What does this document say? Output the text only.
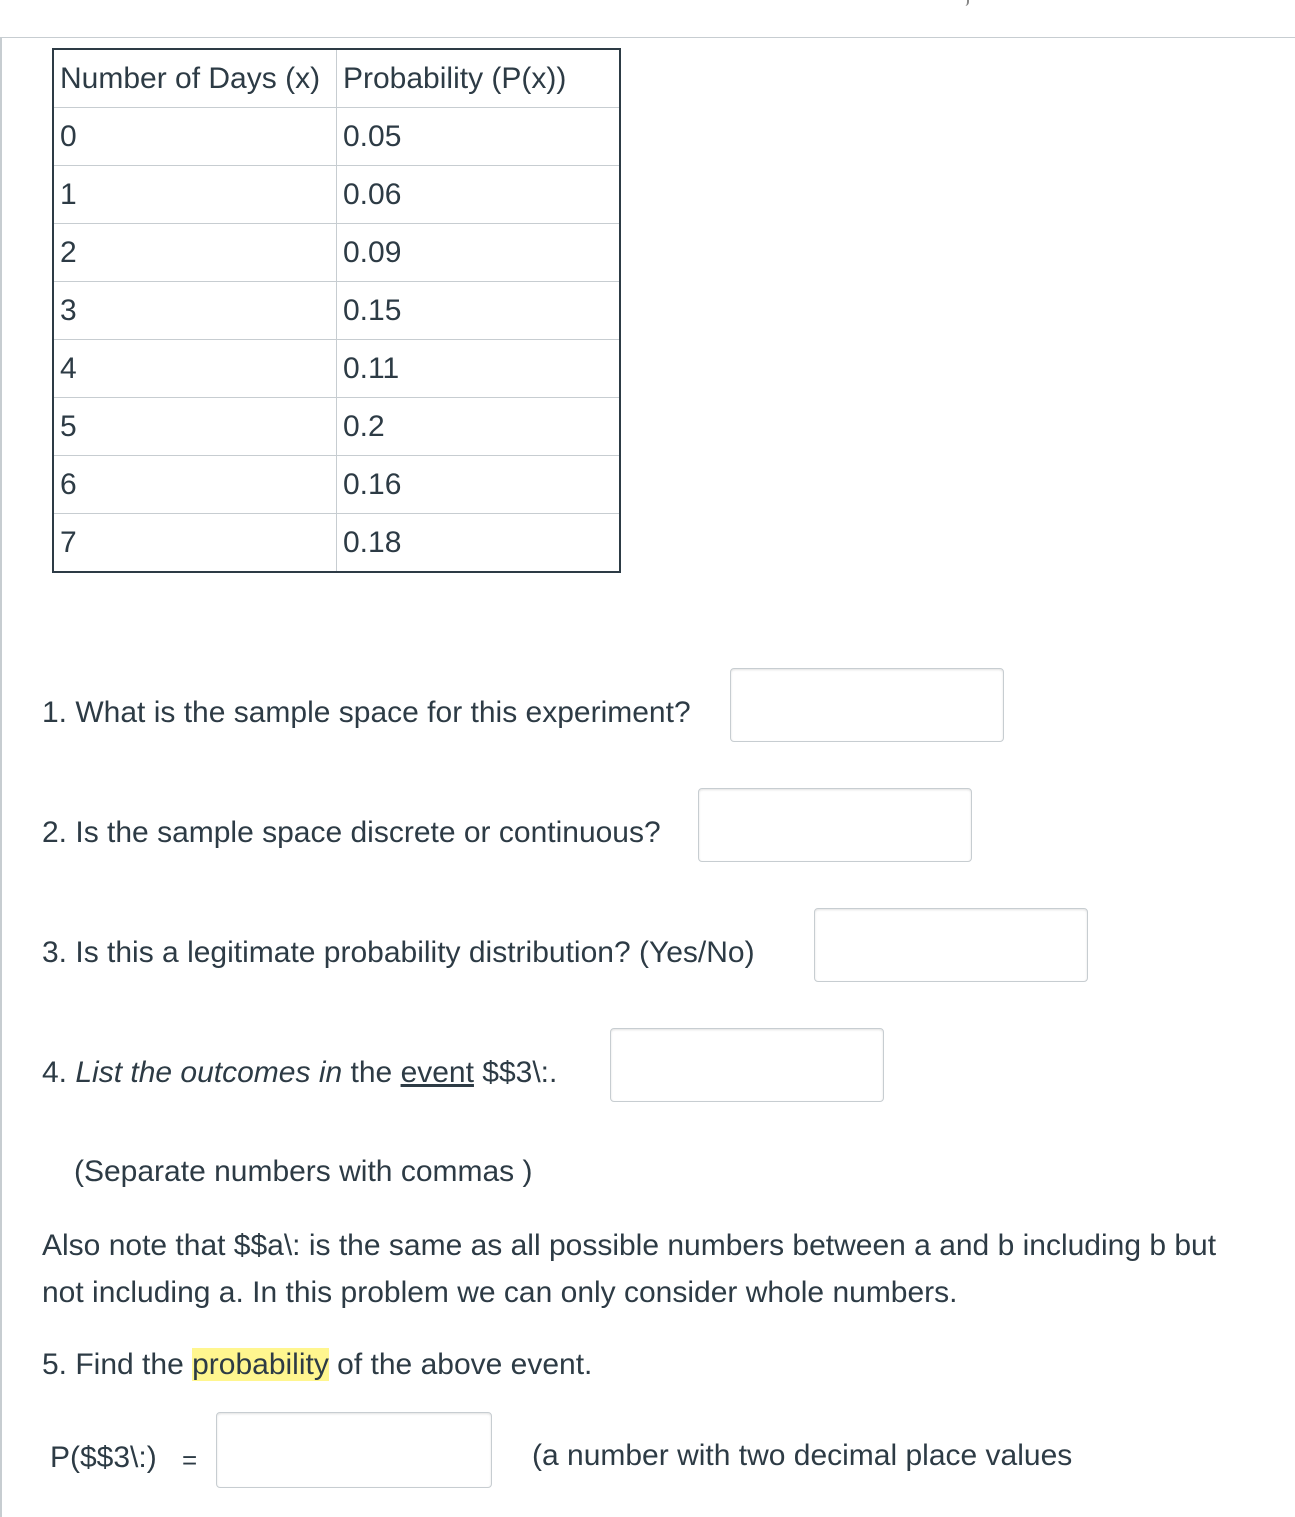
Number of Days (x)	Probability (P(x))
0	0.05
1	0.06
2	0.09
3	0.15
4	0.11
5	0.2
6	0.16
7	0.18
1. What is the sample space for this experiment?
2. Is the sample space discrete or continuous?
3. Is this a legitimate probability distribution? (Yes/No)
4. List the outcomes in the event $$3\:.
(Separate numbers with commas )
Also note that $$a\: is the same as all possible numbers between a and b including b but not including a. In this problem we can only consider whole numbers.
5. Find the probability of the above event.
P($$3\:) =	(a number with two decimal place values
